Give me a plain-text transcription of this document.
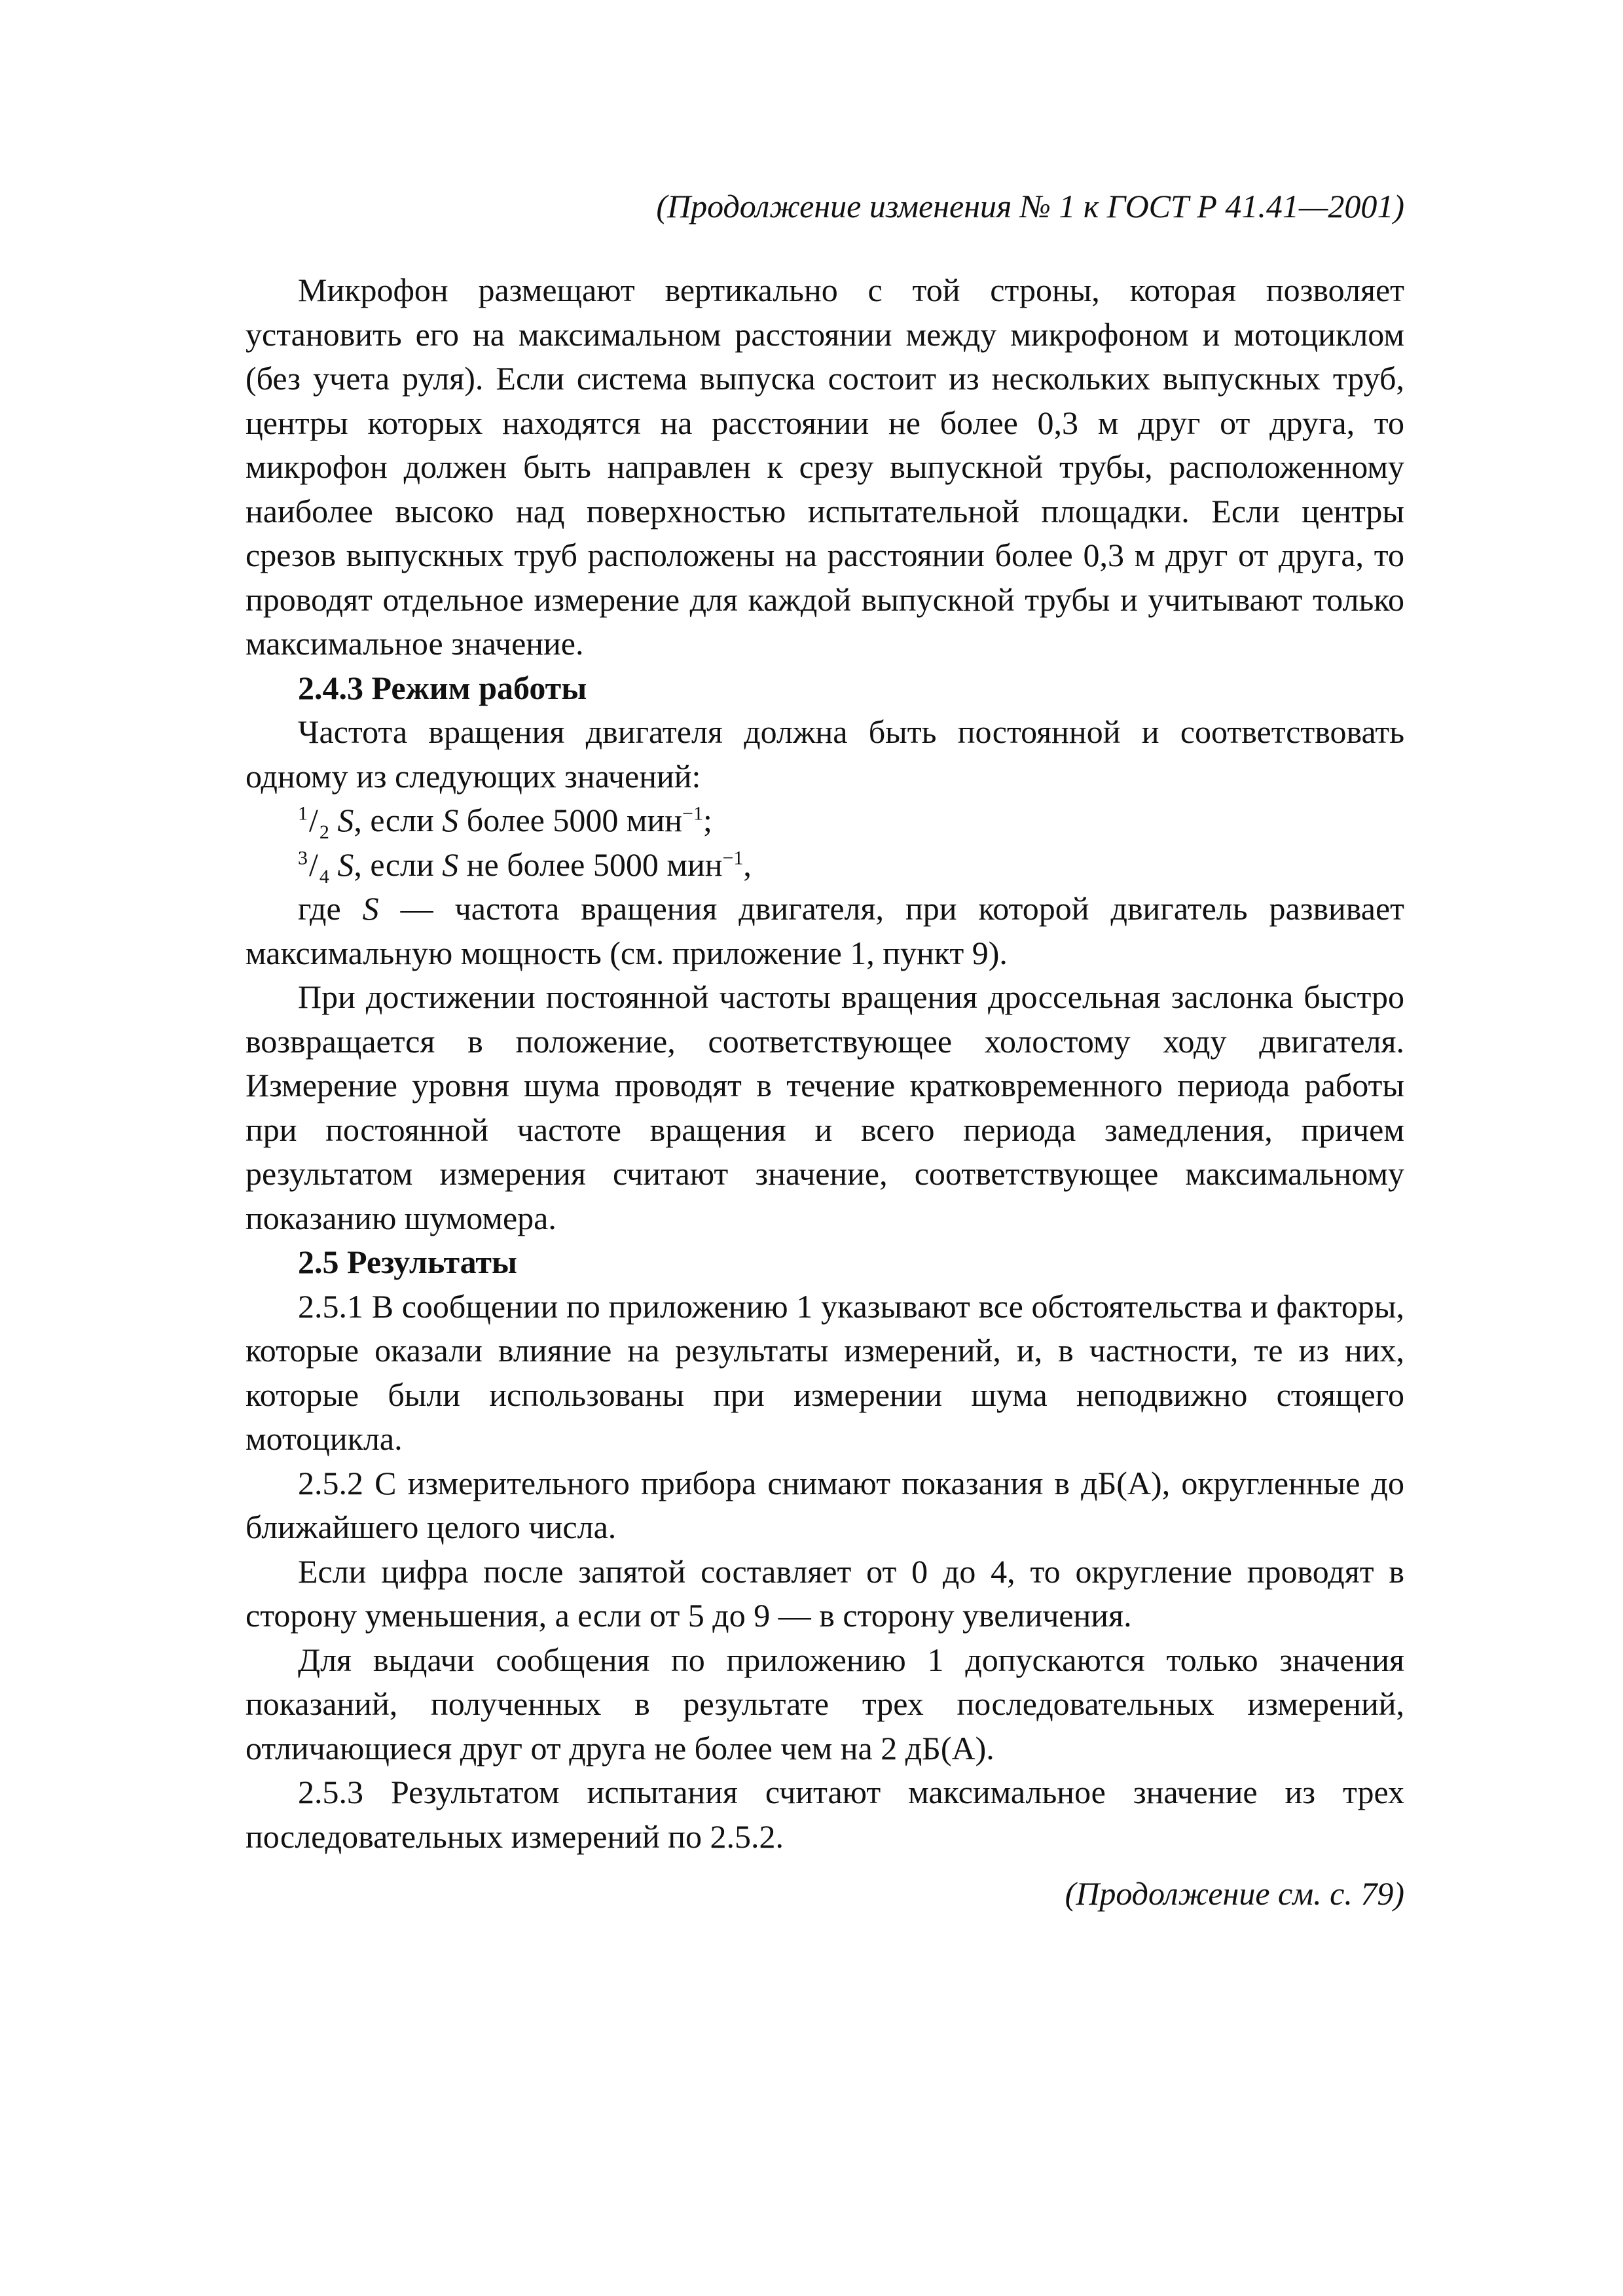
(Продолжение изменения № 1 к ГОСТ Р 41.41—2001)

Микрофон размещают вертикально с той строны, которая позволяет установить его на максимальном расстоянии между микрофоном и мотоциклом (без учета руля). Если система выпуска состоит из нескольких выпускных труб, центры которых находятся на расстоянии не более 0,3 м друг от друга, то микрофон должен быть направлен к срезу выпускной трубы, расположенному наиболее высоко над поверхностью испытательной площадки. Если центры срезов выпускных труб расположены на расстоянии более 0,3 м друг от друга, то проводят отдельное измерение для каждой выпускной трубы и учитывают только максимальное значение.

2.4.3 Режим работы

Частота вращения двигателя должна быть постоянной и соответствовать одному из следующих значений:

$^1/_2$ S, если S более 5000 мин$^{-1}$;

$^3/_4$ S, если S не более 5000 мин$^{-1}$,

где S — частота вращения двигателя, при которой двигатель развивает максимальную мощность (см. приложение 1, пункт 9).

При достижении постоянной частоты вращения дроссельная заслонка быстро возвращается в положение, соответствующее холостому ходу двигателя. Измерение уровня шума проводят в течение кратковременного периода работы при постоянной частоте вращения и всего периода замедления, причем результатом измерения считают значение, соответствующее максимальному показанию шумомера.

2.5 Результаты

2.5.1 В сообщении по приложению 1 указывают все обстоятельства и факторы, которые оказали влияние на результаты измерений, и, в частности, те из них, которые были использованы при измерении шума неподвижно стоящего мотоцикла.

2.5.2 С измерительного прибора снимают показания в дБ(А), округленные до ближайшего целого числа.

Если цифра после запятой составляет от 0 до 4, то округление проводят в сторону уменьшения, а если от 5 до 9 — в сторону увеличения.

Для выдачи сообщения по приложению 1 допускаются только значения показаний, полученных в результате трех последовательных измерений, отличающиеся друг от друга не более чем на 2 дБ(А).

2.5.3 Результатом испытания считают максимальное значение из трех последовательных измерений по 2.5.2.

(Продолжение см. с. 79)
